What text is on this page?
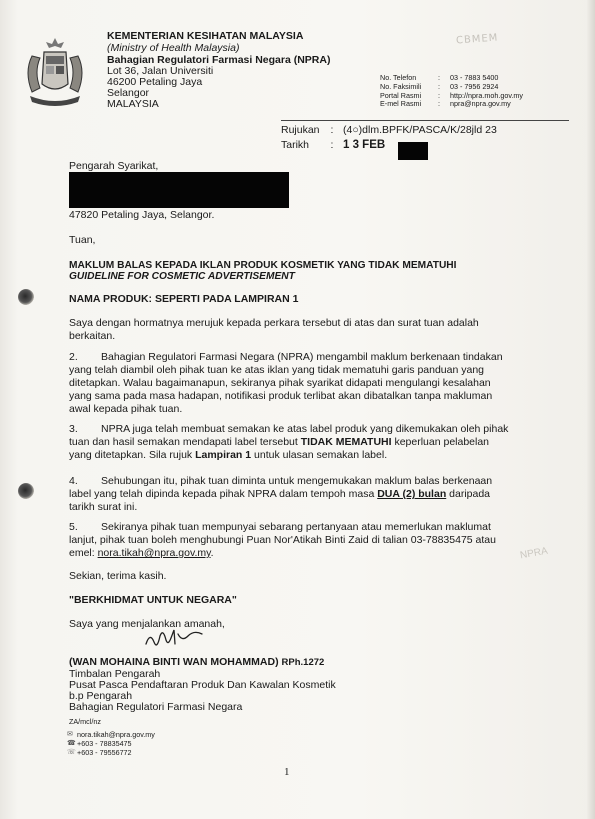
KEMENTERIAN KESIHATAN MALAYSIA
(Ministry of Health Malaysia)
Bahagian Regulatori Farmasi Negara (NPRA)
Lot 36, Jalan Universiti
46200 Petaling Jaya
Selangor
MALAYSIA
CBMEM
No. Telefon	:	03 - 7883 5400
No. Faksimili	:	03 - 7956 2924
Portal Rasmi	:	http://npra.moh.gov.my
E-mel Rasmi	:	npra@npra.gov.my
Rujukan	: (4○)dlm.BPFK/PASCA/K/28jld 23
Tarikh	: 1 3 FEB
Pengarah Syarikat,
47820 Petaling Jaya, Selangor.
Tuan,
MAKLUM BALAS KEPADA IKLAN PRODUK KOSMETIK YANG TIDAK MEMATUHI
GUIDELINE FOR COSMETIC ADVERTISEMENT
NAMA PRODUK: SEPERTI PADA LAMPIRAN 1
Saya dengan hormatnya merujuk kepada perkara tersebut di atas dan surat tuan adalah
berkaitan.
2. Bahagian Regulatori Farmasi Negara (NPRA) mengambil maklum berkenaan tindakan
yang telah diambil oleh pihak tuan ke atas iklan yang tidak mematuhi garis panduan yang
ditetapkan. Walau bagaimanapun, sekiranya pihak syarikat didapati mengulangi kesalahan
yang sama pada masa hadapan, notifikasi produk terlibat akan dibatalkan tanpa makluman
awal kepada pihak tuan.
3. NPRA juga telah membuat semakan ke atas label produk yang dikemukakan oleh pihak
tuan dan hasil semakan mendapati label tersebut TIDAK MEMATUHI keperluan pelabelan
yang ditetapkan. Sila rujuk Lampiran 1 untuk ulasan semakan label.
4. Sehubungan itu, pihak tuan diminta untuk mengemukakan maklum balas berkenaan
label yang telah dipinda kepada pihak NPRA dalam tempoh masa DUA (2) bulan daripada
tarikh surat ini.
5. Sekiranya pihak tuan mempunyai sebarang pertanyaan atau memerlukan maklumat
lanjut, pihak tuan boleh menghubungi Puan Nor'Atikah Binti Zaid di talian 03-78835475 atau
emel: nora.tikah@npra.gov.my.	NPRA
Sekian, terima kasih.
"BERKHIDMAT UNTUK NEGARA"
Saya yang menjalankan amanah,
(WAN MOHAINA BINTI WAN MOHAMMAD) RPh.1272
Timbalan Pengarah
Pusat Pasca Pendaftaran Produk Dan Kawalan Kosmetik
b.p Pengarah
Bahagian Regulatori Farmasi Negara
ZA/mcl/nz
✉ nora.tikah@npra.gov.my
☎ +603 - 78835475
☏ +603 - 79556772
1
